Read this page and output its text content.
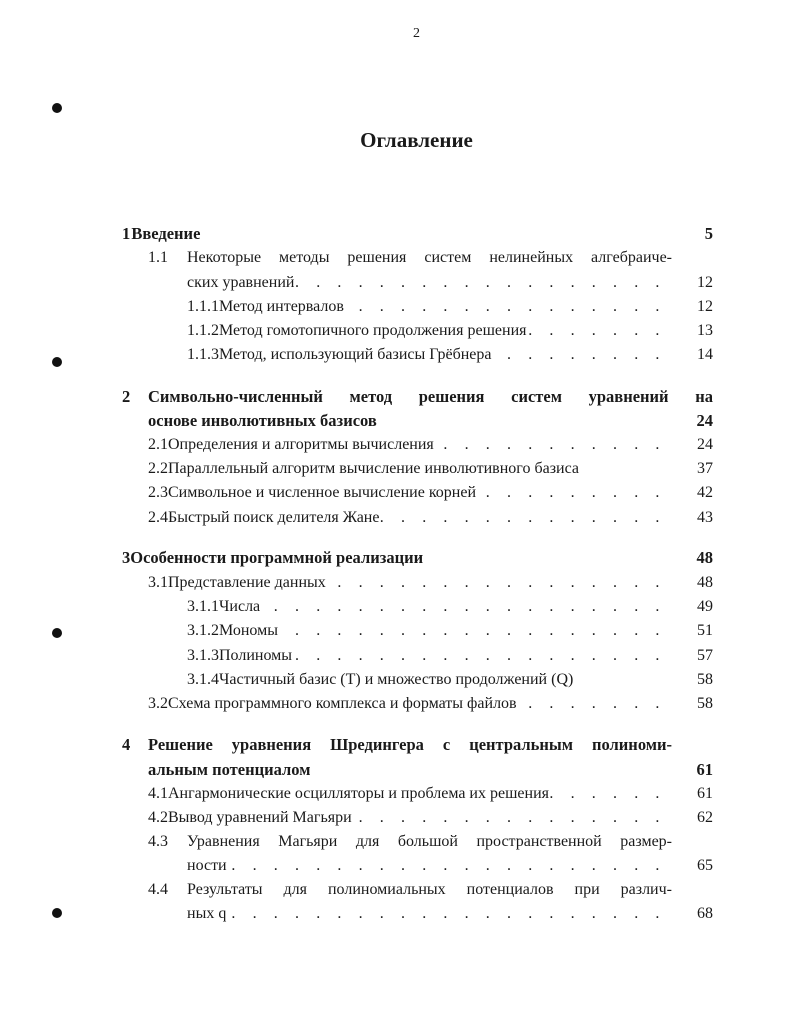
2
Оглавление
1 Введение	5
1.1	Некоторые методы решения систем нелинейных алгебраиче-
ских уравнений . . .	12
1.1.1 Метод интервалов . . .	12
1.1.2 Метод гомотопичного продолжения решения . . .	13
1.1.3 Метод, использующий базисы Грёбнера . . .	14
2	Символьно-численный метод решения систем уравнений на
основе инволютивных базисов	24
2.1 Определения и алгоритмы вычисления . . .	24
2.2 Параллельный алгоритм вычисление инволютивного базиса	37
2.3 Символьное и численное вычисление корней . . .	42
2.4 Быстрый поиск делителя Жане . . .	43
3 Особенности программной реализации	48
3.1 Представление данных . . .	48
3.1.1 Числа . . .	49
3.1.2 Мономы . . .	51
3.1.3 Полиномы . . .	57
3.1.4 Частичный базис (T) и множество продолжений (Q)	58
3.2 Схема программного комплекса и форматы файлов . . .	58
4	Решение уравнения Шредингера с центральным полиноми-
альным потенциалом	61
4.1 Ангармонические осцилляторы и проблема их решения . . .	61
4.2 Вывод уравнений Магьяри . . .	62
4.3	Уравнения Магьяри для большой пространственной размер-
ности . . .	65
4.4	Результаты для полиномиальных потенциалов при различ-
ных q . . .	68
